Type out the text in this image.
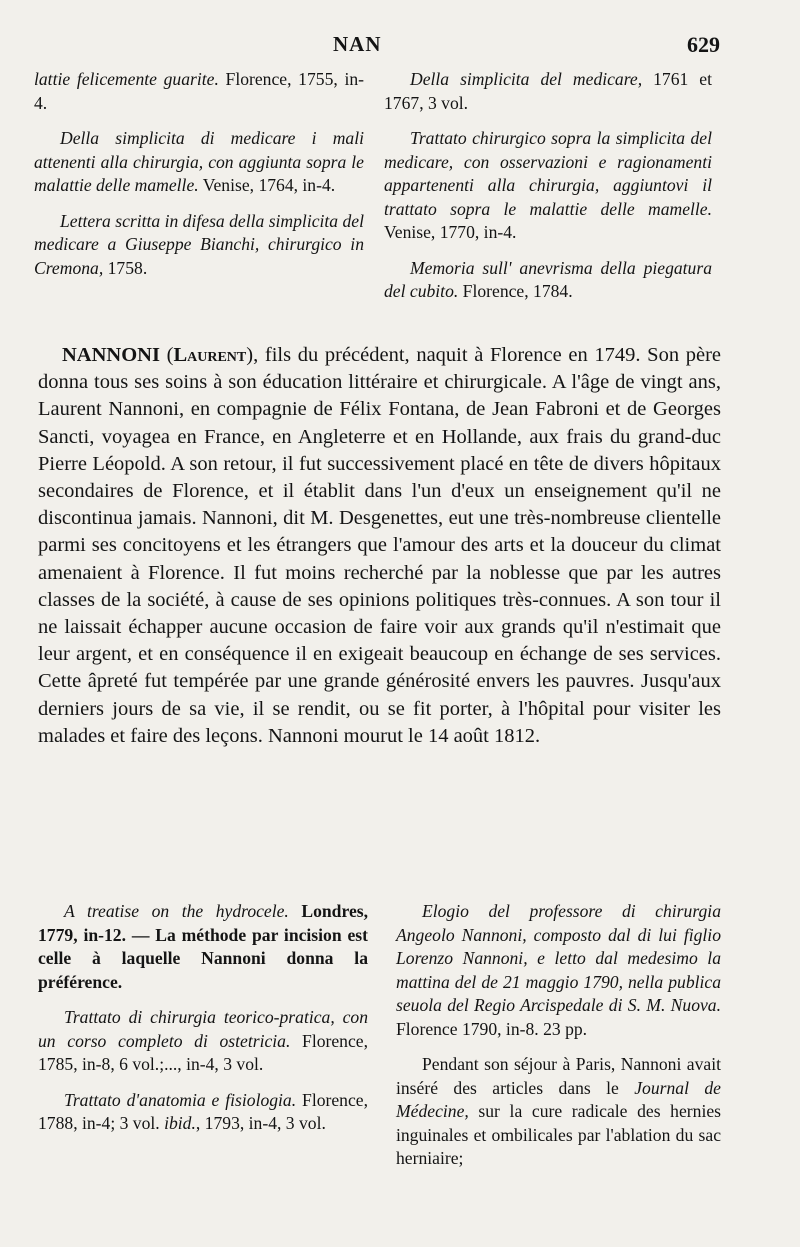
NAN	629

lattie felicemente guarite. Florence, 1755, in-4.

Della simplicita di medicare i mali attenenti alla chirurgia, con aggiunta sopra le malattie delle mamelle. Venise, 1764, in-4.

Lettera scritta in difesa della simplicita del medicare a Giuseppe Bianchi, chirurgico in Cremona, 1758.

Della simplicita del medicare, 1761 et 1767, 3 vol.

Trattato chirurgico sopra la simplicita del medicare, con osservazioni e ragionamenti appartenenti alla chirurgia, aggiuntovi il trattato sopra le malattie delle mamelle. Venise, 1770, in-4.

Memoria sull' anevrisma della piegatura del cubito. Florence, 1784.

NANNONI (Laurent), fils du précédent, naquit à Florence en 1749. Son père donna tous ses soins à son éducation littéraire et chirurgicale. A l'âge de vingt ans, Laurent Nannoni, en compagnie de Félix Fontana, de Jean Fabroni et de Georges Sancti, voyagea en France, en Angleterre et en Hollande, aux frais du grand-duc Pierre Léopold. A son retour, il fut successivement placé en tête de divers hôpitaux secondaires de Florence, et il établit dans l'un d'eux un enseignement qu'il ne discontinua jamais. Nannoni, dit M. Desgenettes, eut une très-nombreuse clientelle parmi ses concitoyens et les étrangers que l'amour des arts et la douceur du climat amenaient à Florence. Il fut moins recherché par la noblesse que par les autres classes de la société, à cause de ses opinions politiques très-connues. A son tour il ne laissait échapper aucune occasion de faire voir aux grands qu'il n'estimait que leur argent, et en conséquence il en exigeait beaucoup en échange de ses services. Cette âpreté fut tempérée par une grande générosité envers les pauvres. Jusqu'aux derniers jours de sa vie, il se rendit, ou se fit porter, à l'hôpital pour visiter les malades et faire des leçons. Nannoni mourut le 14 août 1812.

A treatise on the hydrocele. Londres, 1779, in-12. — La méthode par incision est celle à laquelle Nannoni donna la préférence.

Trattato di chirurgia teorico-pratica, con un corso completo di ostetricia. Florence, 1785, in-8, 6 vol.;..., in-4, 3 vol.

Trattato d'anatomia e fisiologia. Florence, 1788, in-4; 3 vol. ibid., 1793, in-4, 3 vol.

Elogio del professore di chirurgia Angeolo Nannoni, composto dal di lui figlio Lorenzo Nannoni, e letto dal medesimo la mattina del de 21 maggio 1790, nella publica seuola del Regio Arcispedale di S. M. Nuova. Florence 1790, in-8. 23 pp.

Pendant son séjour à Paris, Nannoni avait inséré des articles dans le Journal de Médecine, sur la cure radicale des hernies inguinales et ombilicales par l'ablation du sac herniaire;
